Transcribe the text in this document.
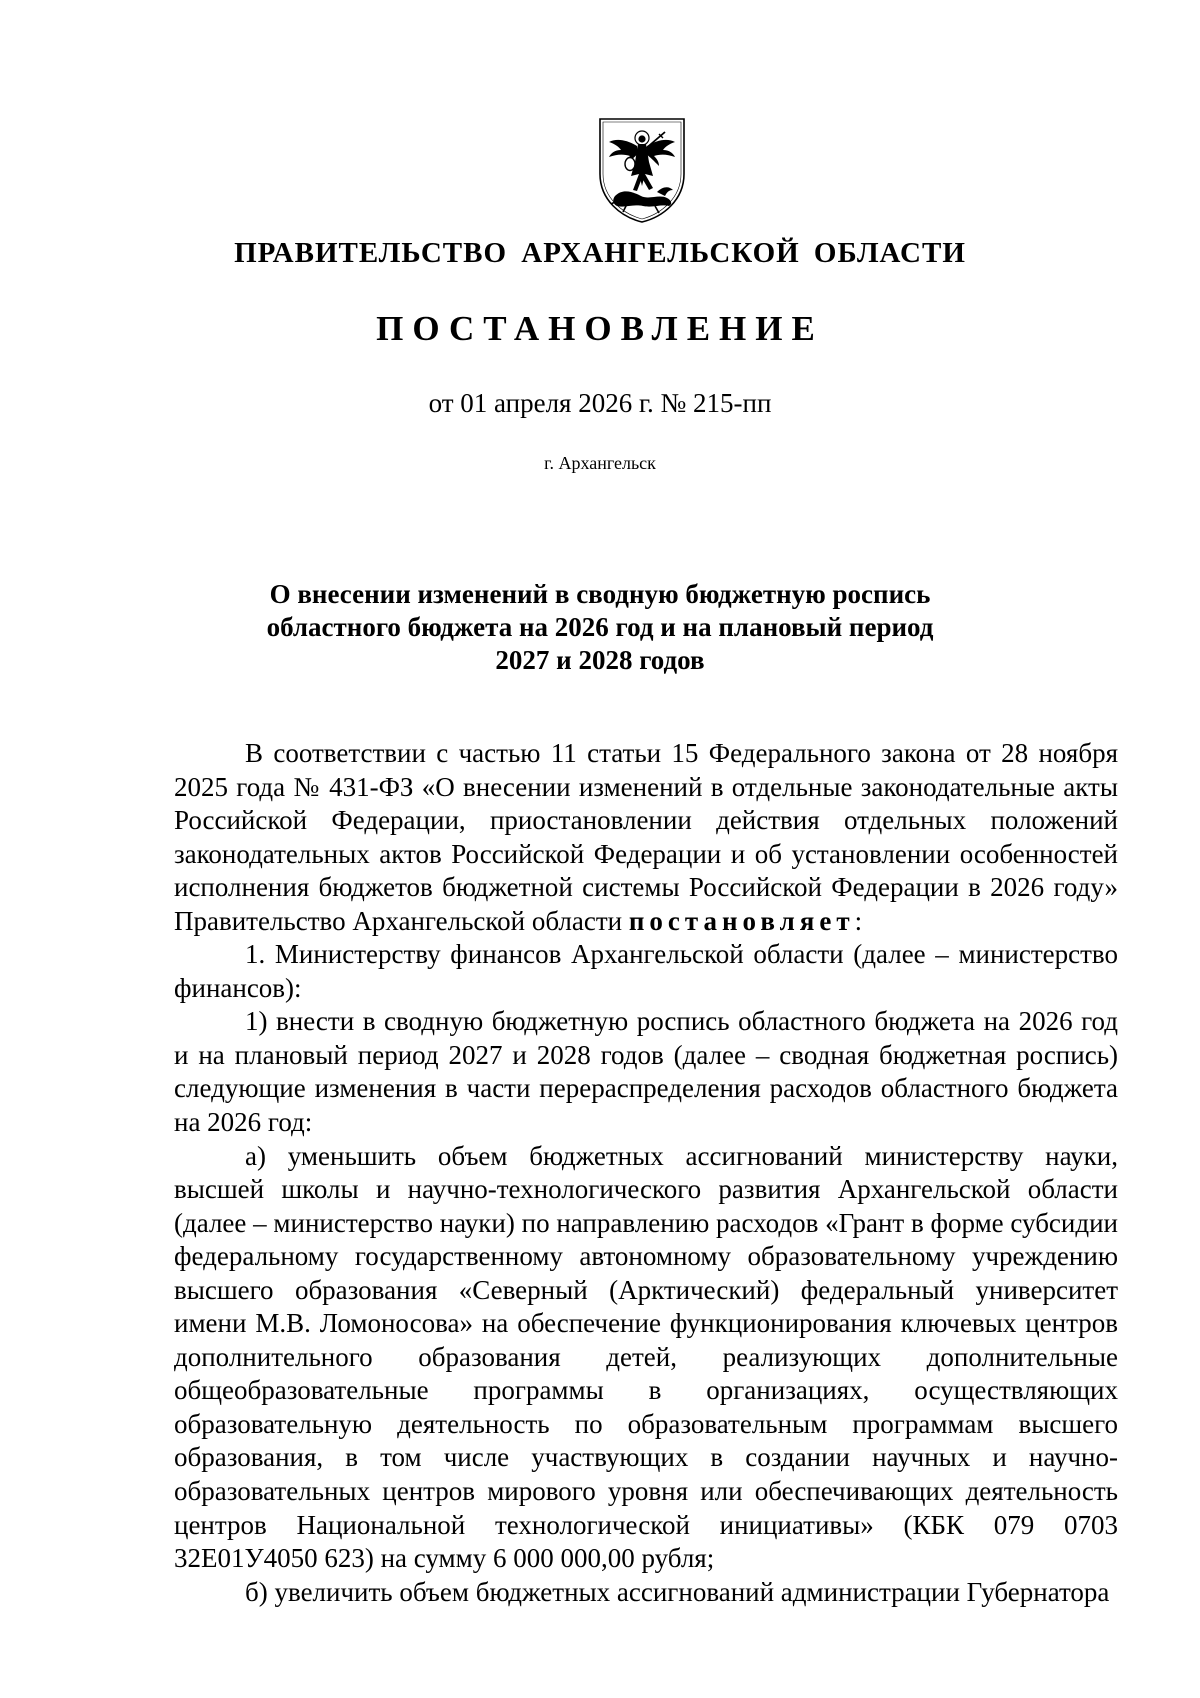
ПРАВИТЕЛЬСТВО АРХАНГЕЛЬСКОЙ ОБЛАСТИ
ПОСТАНОВЛЕНИЕ
от 01 апреля 2026 г. № 215-пп
г. Архангельск
О внесении изменений в сводную бюджетную роспись
областного бюджета на 2026 год и на плановый период
2027 и 2028 годов

В соответствии с частью 11 статьи 15 Федерального закона от 28 ноября 2025 года № 431-ФЗ «О внесении изменений в отдельные законодательные акты Российской Федерации, приостановлении действия отдельных положений законодательных актов Российской Федерации и об установлении особенностей исполнения бюджетов бюджетной системы Российской Федерации в 2026 году» Правительство Архангельской области постановляет:

1. Министерству финансов Архангельской области (далее – министерство финансов):

1) внести в сводную бюджетную роспись областного бюджета на 2026 год и на плановый период 2027 и 2028 годов (далее – сводная бюджетная роспись) следующие изменения в части перераспределения расходов областного бюджета на 2026 год:

а) уменьшить объем бюджетных ассигнований министерству науки, высшей школы и научно-технологического развития Архангельской области (далее – министерство науки) по направлению расходов «Грант в форме субсидии федеральному государственному автономному образовательному учреждению высшего образования «Северный (Арктический) федеральный университет имени М.В. Ломоносова» на обеспечение функционирования ключевых центров дополнительного образования детей, реализующих дополнительные общеобразовательные программы в организациях, осуществляющих образовательную деятельность по образовательным программам высшего образования, в том числе участвующих в создании научных и научно-образовательных центров мирового уровня или обеспечивающих деятельность центров Национальной технологической инициативы» (КБК 079 0703 32Е01У4050 623) на сумму 6 000 000,00 рубля;

б) увеличить объем бюджетных ассигнований администрации Губернатора
